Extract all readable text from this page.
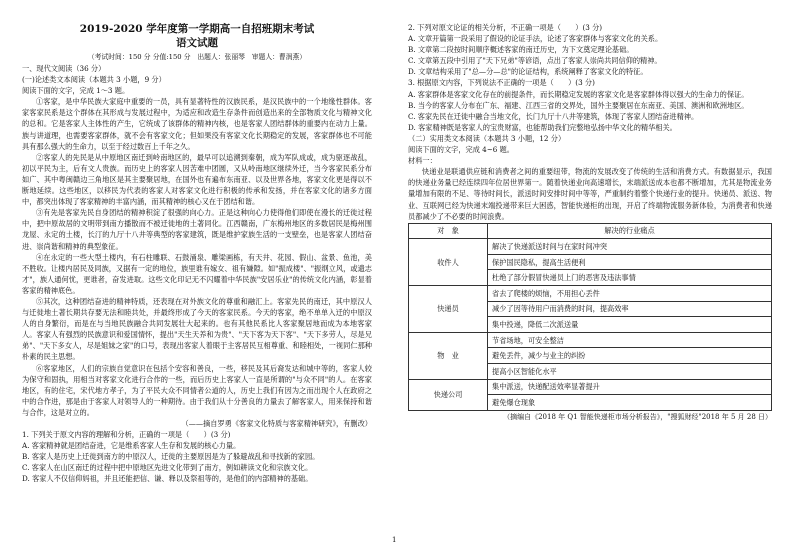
2019-2020 学年度第一学期高一自招班期末考试
语文试题
（考试时间：150 分 分值:150 分　出题人：张丽琴　审题人：曹润燕）
一、现代文阅读（36 分）
(一)论述类文本阅读（本题共 3 小题，9 分）
阅读下面的文字，完成 1～3 题。
①客家，是中华民族大家庭中重要的一员，具有显著特性的汉族民系，是汉民族中的一个地缘性群体。客家客家民系是这个群体在其形成与发展过程中，为适应和改造生存条件而创造出来的全部物质文化与精神文化的总和。它是客家人主体性的产生，它统成了该群体的精神内核，也是客家人团结群体的重要内在动力上量。族与讲道理，也需要客家群体，就不会有客家文化；但如果没有客家文化长期稳定的发展，客家群体也不可能具有那么强大的生命力，以至于经过数百上千年之久。
②客家人的先民是从中原地区南迁到岭南地区的，最早可以追溯到秦朝，成为军队成或，成为驱逐战乱，初以平民为主，后有文人贵族。而历史上的客家人因苦难中团圆，又从岭南地区继续外迁，当今客家民系分布如广、其中粤闽赣边三角地区是其主要聚居地，在国外也有遍布东南亚、以及世界各地，客家文化更是得以不断地延续。这些地区，以移民为代表的客家人对客家文化进行积极的传承和发扬，并在客家文化的诸多方面中，都突出体现了客家精神的丰富内涵，而其精神的核心又在于团结和谐。
③有先是客家先民自身团结的精神积淀了很强的向心力。正是这种向心力使得他们即使在漫长的迁徙过程中，把中原故居的文明带到南方播散而不被迁徙地的土著同化。江西赣南，广东梅州地区的多数居民是梅州围龙屋、永定的土楼，长汀的九厅十八井等典型的客家建筑，既是维护家族生活的一支壁垒，也是客家人团结奋进、崇尚谐和精神的典型象征。
④在永定的一些大型土楼内，有石柱雕联、石鼓涌泉、雕梁画栋，有天井、花园、假山、盆景、鱼池，美不胜收。让楼内居民及同族，又据有一定的地位，族里谁有嫁女、祖有嫌隙。如"振成楼"、"振纲立风，或遗志才"，族人通何忧，更谁者，奋发进取。这些文化印记无不闪耀着中华民族"安居乐业"的传统文化内涵，彰显着客家的精神底色。
⑤其次，这种团结奋进的精神特质，还表现在对外族文化的尊重和融汇上。客家先民的南迁，其中原汉人与迁徙地土著长期共存要无法和睦共处，并最终形成了今天的客家民系。今天的客家，绝不单单入迁的中原汉人的自身繁衍，而是在与当地民族融合共同发展壮大起来的。也有其他民系比人客家聚居地而成为本地客家人。客家人有强烈的民族意识和爱国情怀，提出"天生天养和为贵"、"天下客为天下客"、"天下多劳人，尽是兄弟"、"天下多女人，尽是姐妹之家"的口号，表现出客家人着眼于主客居民互相尊重、和睦相处，一视同仁那种朴素的民主思想。
⑥客家地区，人们的宗族自觉意识在包括个安容和善良，一些，移民及其后裔发达和城中等的，客家人较为保守和固执，用相当对客家文化进行合作的一些，而后历史上客家人一直是所谓的"与众不同"的人。在客家地区，有的住宅，宋代地方孝子，为了平民大众不同情者公道的人，历史上我们有因为之而出现个人在政府之中的合作进，那是由于客家人对领导人的一种期待。由于我们从十分善良的力量去了解客家人，用来保持和谐与合作，这是对立的。
（——摘自罗勇《客家文化特质与客家精神研究》，有删改）
1. 下列关于原文内容的理解和分析，正确的一项是（　　）(3 分)
A. 客家精神就是团结奋进，它是维系客家人生存和发展的核心力量。
B. 客家人是历史上迁徙到南方的中原汉人，迁徙的主要原因是为了躲避战乱和寻找新的家园。
C. 客家人在山区南迁的过程中把中原地区先进文化带到了南方，例如耕读文化和宗族文化。
D. 客家人不仅信仰妈祖，并且还能把信、谦、释以及祭祖等的，是他们的内部精神的基础。
2. 下列对原文论证的相关分析，不正确一项是（　　）(3 分)
A. 文章开篇第一段采用了假设的论证手法，论述了客家群体与客家文化的关系。
B. 文章第二段按时间顺序概述客家的南迁历史，为下文奠定理论基础。
C. 文章第五段中引用了"天下兄弟"等谚语，点出了客家人崇尚共同信仰的精神。
D. 文章结构采用了"总—分—总"的论证结构，系统阐释了客家文化的特征。
3. 根据原文内容，下列说法不正确的一项是（　　）(3 分)
A. 客家群体是客家文化存在的前提条件，而长期稳定发展的客家文化是客家群体得以强大的生命力的保证。
B. 当今的客家人分布在广东、福建、江西三省的交界处，国外主要聚居在东南亚、美国、澳洲和欧洲地区。
C. 客家先民在迁徙中融合当地文化，长门九厅十八井等建筑，体现了客家人团结奋进精神。
D. 客家精神既是客家人的宝贵财富，也能帮助我们完整地弘扬中华文化的精华相关。
（二）实用类文本阅读（本题共 3 小题，12 分）
阅读下面的文字，完成 4~6 题。
材料一：
快递业是联通供应链和消费者之间的重要纽带，物流的发展改变了传统的生活和消费方式。有数据显示，我国的快递业务量已经连续四年位居世界第一。随着快递业向高速增长，末端派送成本也都不断增加，尤其是物流业务量增加有限的不足、等待时间长，派送时间安排时间中等等，严重制约着整个快递行业的提升。快递员、派送、物业、互联网已经为快递末端投递带来巨大困惑，智能快递柜的出现，开启了终端物流服务新体验，为消费者和快递员都减少了不必要的时间浪费。
对　象	解决的行业痛点
收件人	解决了快递派送时间与在家时间冲突
	保护国民隐私，提高生活便利
	杜绝了部分假冒快递员上门的恶害及违法事情
快递员	省去了爬楼的烦恼，不用担心丢件
	减少了因等待用户而消费的时间，提高效率
	集中投递，降低二次派送量
物　业	节省场地，可安全整洁
	避免丢件，减少与业主的纠纷
	提高小区智能化水平
快递公司	集中派送，快递配送效率显著提升
	避免爆仓现象
（摘编自《2018 年 Q1 智能快递柜市场分析报告》，"搜狐财经"2018 年 5 月 28 日）
1
